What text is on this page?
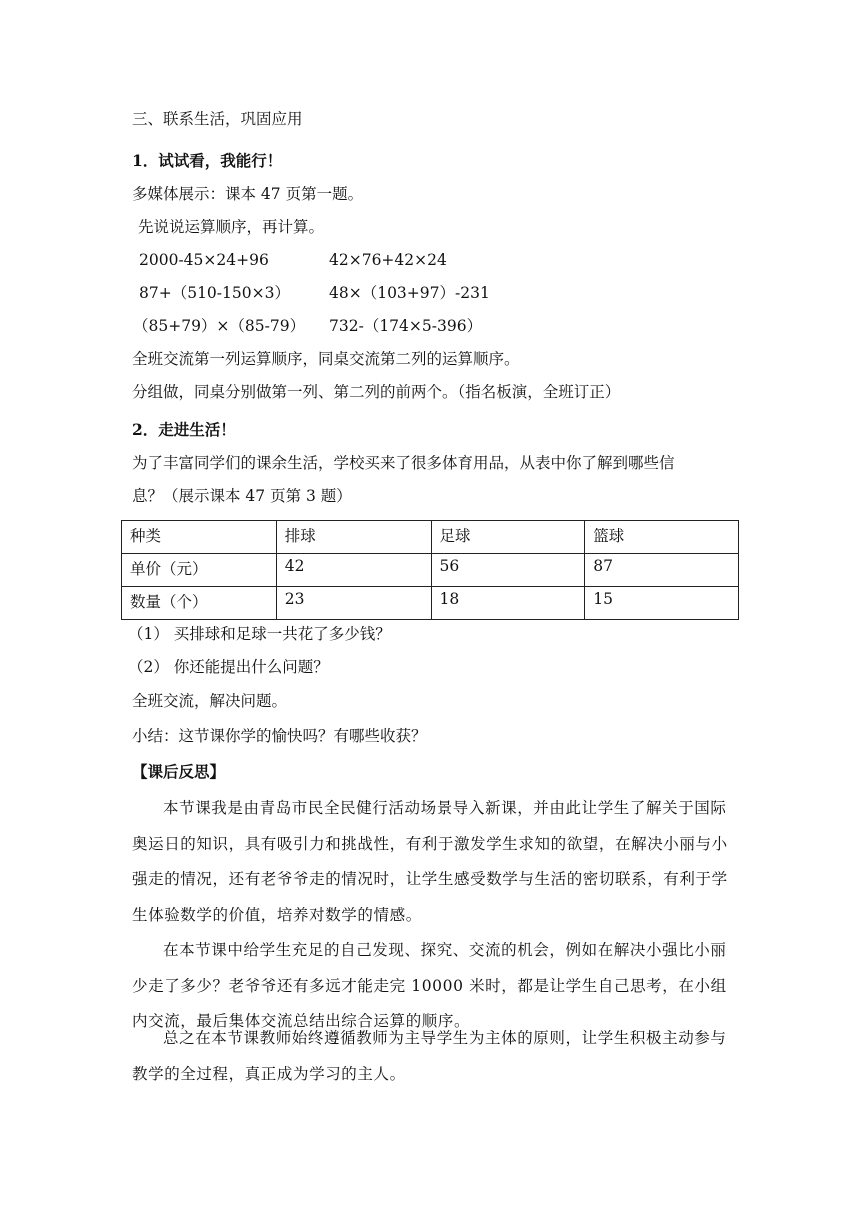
三、联系生活，巩固应用
1．试试看，我能行！
多媒体展示：课本 47 页第一题。
先说说运算顺序，再计算。
2000-45×24+96	42×76+42×24
87+（510-150×3）	48×（103+97）-231
（85+79）×（85-79） 732-（174×5-396）
全班交流第一列运算顺序，同桌交流第二列的运算顺序。
分组做，同桌分别做第一列、第二列的前两个。（指名板演，全班订正）
2．走进生活！
为了丰富同学们的课余生活，学校买来了很多体育用品，从表中你了解到哪些信
息？（展示课本 47 页第 3 题）
种类	排球	足球	篮球
单价（元）	42	56	87
数量（个）	23	18	15
（1） 买排球和足球一共花了多少钱？
（2） 你还能提出什么问题？
全班交流，解决问题。
小结：这节课你学的愉快吗？有哪些收获？
【课后反思】
本节课我是由青岛市民全民健行活动场景导入新课，并由此让学生了解关于国际奥运日的知识，具有吸引力和挑战性，有利于激发学生求知的欲望，在解决小丽与小强走的情况，还有老爷爷走的情况时，让学生感受数学与生活的密切联系，有利于学生体验数学的价值，培养对数学的情感。
在本节课中给学生充足的自己发现、探究、交流的机会，例如在解决小强比小丽少走了多少？老爷爷还有多远才能走完 10000 米时，都是让学生自己思考，在小组内交流，最后集体交流总结出综合运算的顺序。
总之在本节课教师始终遵循教师为主导学生为主体的原则，让学生积极主动参与教学的全过程，真正成为学习的主人。
